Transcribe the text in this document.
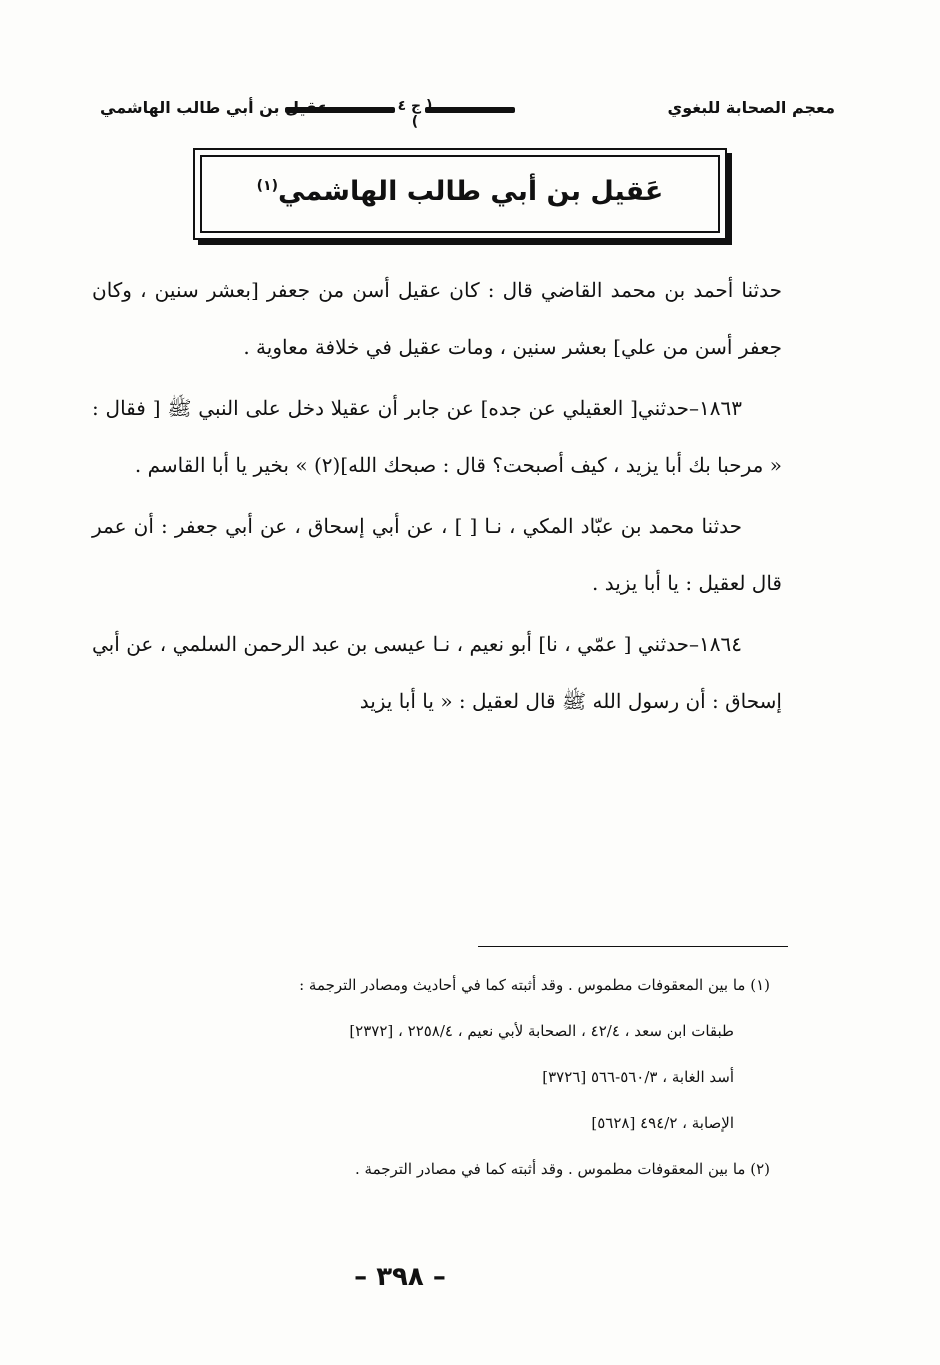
معجم الصحابة للبغوي
( ج ٤ )
عقيل بن أبي طالب الهاشمي
عَقيل بن أبي طالب الهاشمي$^{(١)}$

حدثنا أحمد بن محمد القاضي قال : كان عقيل أسن من جعفر [بعشر سنين ، وكان جعفر أسن من علي] بعشر سنين ، ومات عقيل في خلافة معاوية .

١٨٦٣–حدثني[ العقيلي عن جده] عن جابر أن عقيلا دخل على النبي ﷺ [ فقال : « مرحبا بك أبا يزيد ، كيف أصبحت؟ قال : صبحك الله](٢) » بخير يا أبا القاسم .

حدثنا محمد بن عبّاد المكي ، نـا [ ] ، عن أبي إسحاق ، عن أبي جعفر : أن عمر قال لعقيل : يا أبا يزيد .

١٨٦٤–حدثني [ عمّي ، نا] أبو نعيم ، نـا عيسى بن عبد الرحمن السلمي ، عن أبي إسحاق : أن رسول الله ﷺ قال لعقيل : « يا أبا يزيد

(١) ما بين المعقوفات مطموس . وقد أثبته كما في أحاديث ومصادر الترجمة :
طبقات ابن سعد ، ٤٢/٤ ، الصحابة لأبي نعيم ، ٢٢٥٨/٤ ، [٢٣٧٢]
أسد الغابة ، ٥٦٠/٣-٥٦٦ [٣٧٢٦]
الإصابة ، ٤٩٤/٢ [٥٦٢٨]
(٢) ما بين المعقوفات مطموس . وقد أثبته كما في مصادر الترجمة .
– ٣٩٨ –
